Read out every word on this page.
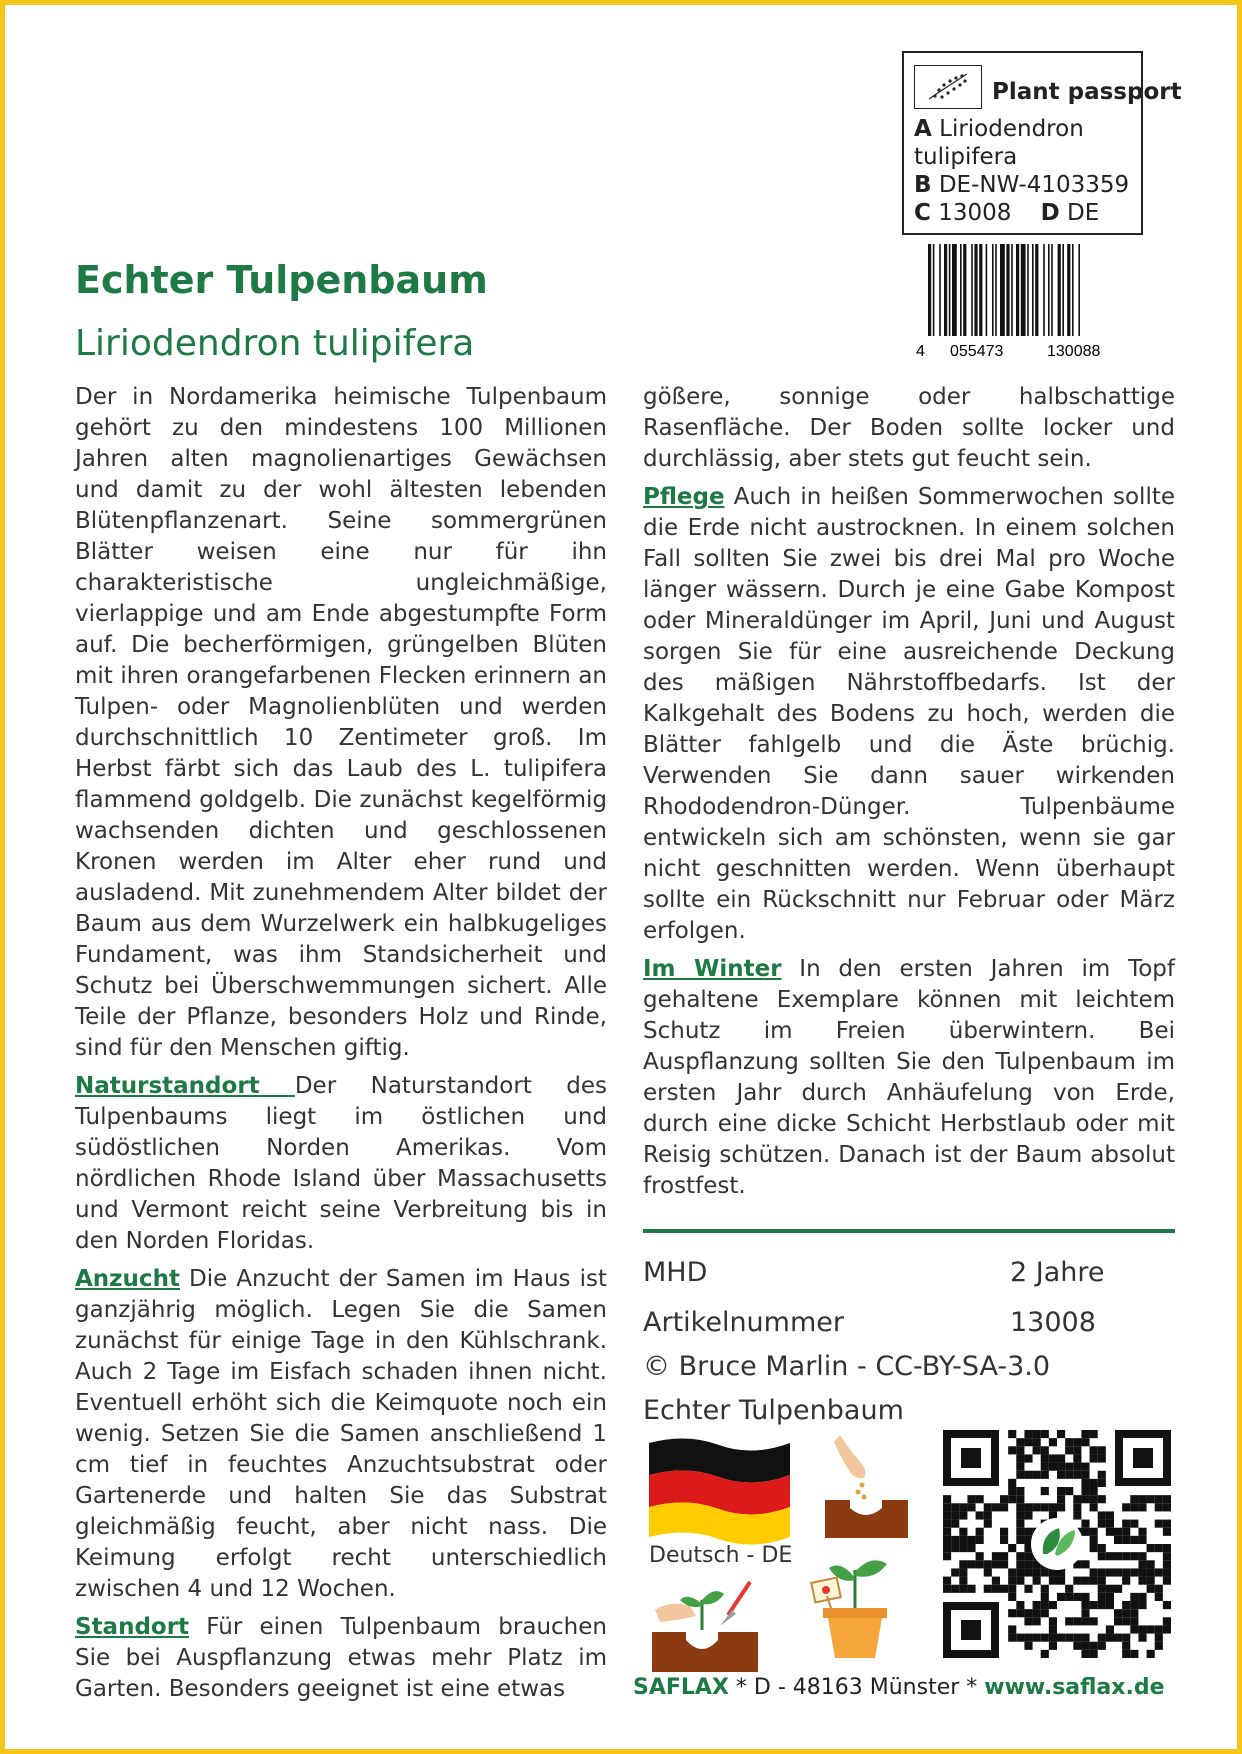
Plant passport
A Liriodendron
tulipifera
B DE-NW-4103359
C 13008 D DE
4 055473	130088
Echter Tulpenbaum
Liriodendron tulipifera

Der in Nordamerika heimische Tulpenbaum gehört zu den mindestens 100 Millionen Jahren alten magnolienartiges Gewächsen und damit zu der wohl ältesten lebenden Blütenpflanzenart. Seine sommergrünen Blätter weisen eine nur für ihn charakteristische ungleichmäßige, vierlappige und am Ende abgestumpfte Form auf. Die becherförmigen, grüngelben Blüten mit ihren orangefarbenen Flecken erinnern an Tulpen- oder Magnolienblüten und werden durchschnittlich 10 Zentimeter groß. Im Herbst färbt sich das Laub des L. tulipifera flammend goldgelb. Die zunächst kegelförmig wachsenden dichten und geschlossenen Kronen werden im Alter eher rund und ausladend. Mit zunehmendem Alter bildet der Baum aus dem Wurzelwerk ein halbkugeliges Fundament, was ihm Standsicherheit und Schutz bei Überschwemmungen sichert. Alle Teile der Pflanze, besonders Holz und Rinde, sind für den Menschen giftig.

Naturstandort Der Naturstandort des Tulpenbaums liegt im östlichen und südöstlichen Norden Amerikas. Vom nördlichen Rhode Island über Massachusetts und Vermont reicht seine Verbreitung bis in den Norden Floridas.

Anzucht Die Anzucht der Samen im Haus ist ganzjährig möglich. Legen Sie die Samen zunächst für einige Tage in den Kühlschrank. Auch 2 Tage im Eisfach schaden ihnen nicht. Eventuell erhöht sich die Keimquote noch ein wenig. Setzen Sie die Samen anschließend 1 cm tief in feuchtes Anzuchtsubstrat oder Gartenerde und halten Sie das Substrat gleichmäßig feucht, aber nicht nass. Die Keimung erfolgt recht unterschiedlich zwischen 4 und 12 Wochen.

Standort Für einen Tulpenbaum brauchen Sie bei Auspflanzung etwas mehr Platz im Garten. Besonders geeignet ist eine etwas

gößere, sonnige oder halbschattige Rasenfläche. Der Boden sollte locker und durchlässig, aber stets gut feucht sein.

Pflege Auch in heißen Sommerwochen sollte die Erde nicht austrocknen. In einem solchen Fall sollten Sie zwei bis drei Mal pro Woche länger wässern. Durch je eine Gabe Kompost oder Mineraldünger im April, Juni und August sorgen Sie für eine ausreichende Deckung des mäßigen Nährstoffbedarfs. Ist der Kalkgehalt des Bodens zu hoch, werden die Blätter fahlgelb und die Äste brüchig. Verwenden Sie dann sauer wirkenden Rhododendron-Dünger. Tulpenbäume entwickeln sich am schönsten, wenn sie gar nicht geschnitten werden. Wenn überhaupt sollte ein Rückschnitt nur Februar oder März erfolgen.

Im Winter In den ersten Jahren im Topf gehaltene Exemplare können mit leichtem Schutz im Freien überwintern. Bei Auspflanzung sollten Sie den Tulpenbaum im ersten Jahr durch Anhäufelung von Erde, durch eine dicke Schicht Herbstlaub oder mit Reisig schützen. Danach ist der Baum absolut frostfest.

MHD	2 Jahre
Artikelnummer	13008
© Bruce Marlin - CC-BY-SA-3.0
Echter Tulpenbaum
Deutsch - DE
SAFLAX * D - 48163 Münster * www.saflax.de
